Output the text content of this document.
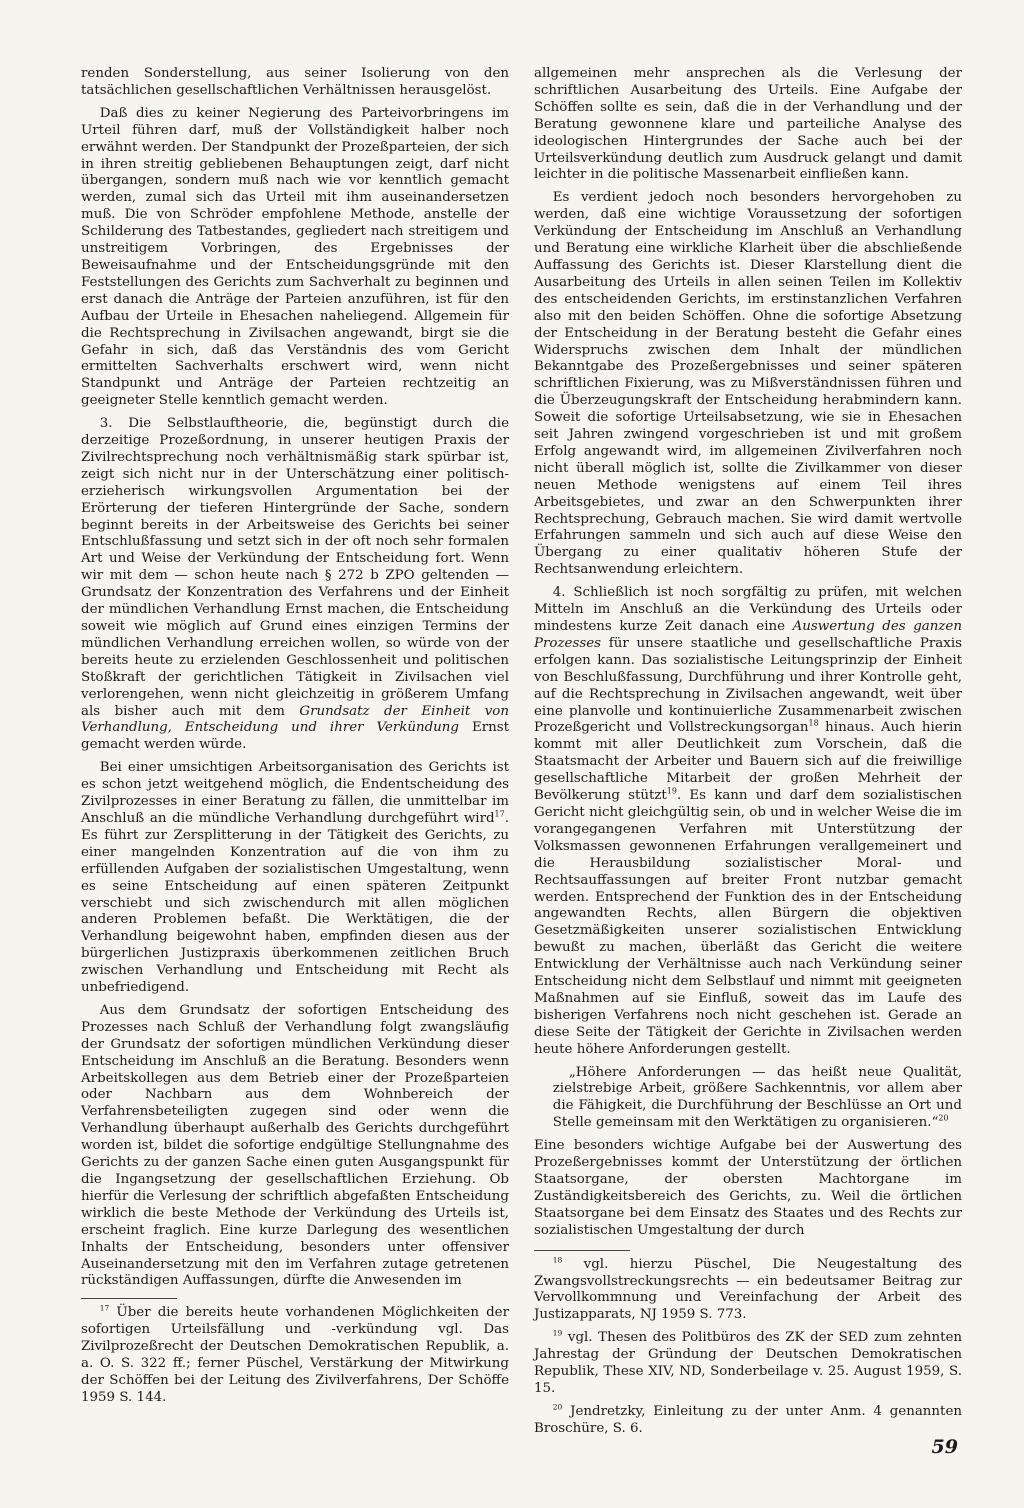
renden Sonderstellung, aus seiner Isolierung von den tatsächlichen gesellschaftlichen Verhältnissen herausgelöst.

Daß dies zu keiner Negierung des Parteivorbringens im Urteil führen darf, muß der Vollständigkeit halber noch erwähnt werden. Der Standpunkt der Prozeßparteien, der sich in ihren streitig gebliebenen Behauptungen zeigt, darf nicht übergangen, sondern muß nach wie vor kenntlich gemacht werden, zumal sich das Urteil mit ihm auseinandersetzen muß. Die von Schröder empfohlene Methode, anstelle der Schilderung des Tatbestandes, gegliedert nach streitigem und unstreitigem Vorbringen, des Ergebnisses der Beweisaufnahme und der Entscheidungsgründe mit den Feststellungen des Gerichts zum Sachverhalt zu beginnen und erst danach die Anträge der Parteien anzuführen, ist für den Aufbau der Urteile in Ehesachen naheliegend. Allgemein für die Rechtsprechung in Zivilsachen angewandt, birgt sie die Gefahr in sich, daß das Verständnis des vom Gericht ermittelten Sachverhalts erschwert wird, wenn nicht Standpunkt und Anträge der Parteien rechtzeitig an geeigneter Stelle kenntlich gemacht werden.

3. Die Selbstlauftheorie, die, begünstigt durch die derzeitige Prozeßordnung, in unserer heutigen Praxis der Zivilrechtsprechung noch verhältnismäßig stark spürbar ist, zeigt sich nicht nur in der Unterschätzung einer politisch-erzieherisch wirkungsvollen Argumentation bei der Erörterung der tieferen Hintergründe der Sache, sondern beginnt bereits in der Arbeitsweise des Gerichts bei seiner Entschlußfassung und setzt sich in der oft noch sehr formalen Art und Weise der Verkündung der Entscheidung fort. Wenn wir mit dem — schon heute nach § 272 b ZPO geltenden — Grundsatz der Konzentration des Verfahrens und der Einheit der mündlichen Verhandlung Ernst machen, die Entscheidung soweit wie möglich auf Grund eines einzigen Termins der mündlichen Verhandlung erreichen wollen, so würde von der bereits heute zu erzielenden Geschlossenheit und politischen Stoßkraft der gerichtlichen Tätigkeit in Zivilsachen viel verlorengehen, wenn nicht gleichzeitig in größerem Umfang als bisher auch mit dem Grundsatz der Einheit von Verhandlung, Entscheidung und ihrer Verkündung Ernst gemacht werden würde.

Bei einer umsichtigen Arbeitsorganisation des Gerichts ist es schon jetzt weitgehend möglich, die Endentscheidung des Zivilprozesses in einer Beratung zu fällen, die unmittelbar im Anschluß an die mündliche Verhandlung durchgeführt wird$^{17}$. Es führt zur Zersplitterung in der Tätigkeit des Gerichts, zu einer mangelnden Konzentration auf die von ihm zu erfüllenden Aufgaben der sozialistischen Umgestaltung, wenn es seine Entscheidung auf einen späteren Zeitpunkt verschiebt und sich zwischendurch mit allen möglichen anderen Problemen befaßt. Die Werktätigen, die der Verhandlung beigewohnt haben, empfinden diesen aus der bürgerlichen Justizpraxis überkommenen zeitlichen Bruch zwischen Verhandlung und Entscheidung mit Recht als unbefriedigend.

Aus dem Grundsatz der sofortigen Entscheidung des Prozesses nach Schluß der Verhandlung folgt zwangsläufig der Grundsatz der sofortigen mündlichen Verkündung dieser Entscheidung im Anschluß an die Beratung. Besonders wenn Arbeitskollegen aus dem Betrieb einer der Prozeßparteien oder Nachbarn aus dem Wohnbereich der Verfahrensbeteiligten zugegen sind oder wenn die Verhandlung überhaupt außerhalb des Gerichts durchgeführt worden ist, bildet die sofortige endgültige Stellungnahme des Gerichts zu der ganzen Sache einen guten Ausgangspunkt für die Ingangsetzung der gesellschaftlichen Erziehung. Ob hierfür die Verlesung der schriftlich abgefaßten Entscheidung wirklich die beste Methode der Verkündung des Urteils ist, erscheint fraglich. Eine kurze Darlegung des wesentlichen Inhalts der Entscheidung, besonders unter offensiver Auseinandersetzung mit den im Verfahren zutage getretenen rückständigen Auffassungen, dürfte die Anwesenden im

$^{17}$ Über die bereits heute vorhandenen Möglichkeiten der sofortigen Urteilsfällung und -verkündung vgl. Das Zivilprozeßrecht der Deutschen Demokratischen Republik, a. a. O. S. 322 ff.; ferner Püschel, Verstärkung der Mitwirkung der Schöffen bei der Leitung des Zivilverfahrens, Der Schöffe 1959 S. 144.

allgemeinen mehr ansprechen als die Verlesung der schriftlichen Ausarbeitung des Urteils. Eine Aufgabe der Schöffen sollte es sein, daß die in der Verhandlung und der Beratung gewonnene klare und parteiliche Analyse des ideologischen Hintergrundes der Sache auch bei der Urteilsverkündung deutlich zum Ausdruck gelangt und damit leichter in die politische Massenarbeit einfließen kann.

Es verdient jedoch noch besonders hervorgehoben zu werden, daß eine wichtige Voraussetzung der sofortigen Verkündung der Entscheidung im Anschluß an Verhandlung und Beratung eine wirkliche Klarheit über die abschließende Auffassung des Gerichts ist. Dieser Klarstellung dient die Ausarbeitung des Urteils in allen seinen Teilen im Kollektiv des entscheidenden Gerichts, im erstinstanzlichen Verfahren also mit den beiden Schöffen. Ohne die sofortige Absetzung der Entscheidung in der Beratung besteht die Gefahr eines Widerspruchs zwischen dem Inhalt der mündlichen Bekanntgabe des Prozeßergebnisses und seiner späteren schriftlichen Fixierung, was zu Mißverständnissen führen und die Überzeugungskraft der Entscheidung herabmindern kann. Soweit die sofortige Urteilsabsetzung, wie sie in Ehesachen seit Jahren zwingend vorgeschrieben ist und mit großem Erfolg angewandt wird, im allgemeinen Zivilverfahren noch nicht überall möglich ist, sollte die Zivilkammer von dieser neuen Methode wenigstens auf einem Teil ihres Arbeitsgebietes, und zwar an den Schwerpunkten ihrer Rechtsprechung, Gebrauch machen. Sie wird damit wertvolle Erfahrungen sammeln und sich auch auf diese Weise den Übergang zu einer qualitativ höheren Stufe der Rechtsanwendung erleichtern.

4. Schließlich ist noch sorgfältig zu prüfen, mit welchen Mitteln im Anschluß an die Verkündung des Urteils oder mindestens kurze Zeit danach eine Auswertung des ganzen Prozesses für unsere staatliche und gesellschaftliche Praxis erfolgen kann. Das sozialistische Leitungsprinzip der Einheit von Beschlußfassung, Durchführung und ihrer Kontrolle geht, auf die Rechtsprechung in Zivilsachen angewandt, weit über eine planvolle und kontinuierliche Zusammenarbeit zwischen Prozeßgericht und Vollstreckungsorgan$^{18}$ hinaus. Auch hierin kommt mit aller Deutlichkeit zum Vorschein, daß die Staatsmacht der Arbeiter und Bauern sich auf die freiwillige gesellschaftliche Mitarbeit der großen Mehrheit der Bevölkerung stützt$^{19}$. Es kann und darf dem sozialistischen Gericht nicht gleichgültig sein, ob und in welcher Weise die im vorangegangenen Verfahren mit Unterstützung der Volksmassen gewonnenen Erfahrungen verallgemeinert und die Herausbildung sozialistischer Moral- und Rechtsauffassungen auf breiter Front nutzbar gemacht werden. Entsprechend der Funktion des in der Entscheidung angewandten Rechts, allen Bürgern die objektiven Gesetzmäßigkeiten unserer sozialistischen Entwicklung bewußt zu machen, überläßt das Gericht die weitere Entwicklung der Verhältnisse auch nach Verkündung seiner Entscheidung nicht dem Selbstlauf und nimmt mit geeigneten Maßnahmen auf sie Einfluß, soweit das im Laufe des bisherigen Verfahrens noch nicht geschehen ist. Gerade an diese Seite der Tätigkeit der Gerichte in Zivilsachen werden heute höhere Anforderungen gestellt.

„Höhere Anforderungen — das heißt neue Qualität, zielstrebige Arbeit, größere Sachkenntnis, vor allem aber die Fähigkeit, die Durchführung der Beschlüsse an Ort und Stelle gemeinsam mit den Werktätigen zu organisieren.“$^{20}$

Eine besonders wichtige Aufgabe bei der Auswertung des Prozeßergebnisses kommt der Unterstützung der örtlichen Staatsorgane, der obersten Machtorgane im Zuständigkeitsbereich des Gerichts, zu. Weil die örtlichen Staatsorgane bei dem Einsatz des Staates und des Rechts zur sozialistischen Umgestaltung der durch

$^{18}$ vgl. hierzu Püschel, Die Neugestaltung des Zwangsvollstreckungsrechts — ein bedeutsamer Beitrag zur Vervollkommnung und Vereinfachung der Arbeit des Justizapparats, NJ 1959 S. 773.

$^{19}$ vgl. Thesen des Politbüros des ZK der SED zum zehnten Jahrestag der Gründung der Deutschen Demokratischen Republik, These XIV, ND, Sonderbeilage v. 25. August 1959, S. 15.

$^{20}$ Jendretzky, Einleitung zu der unter Anm. 4 genannten Broschüre, S. 6.

59
